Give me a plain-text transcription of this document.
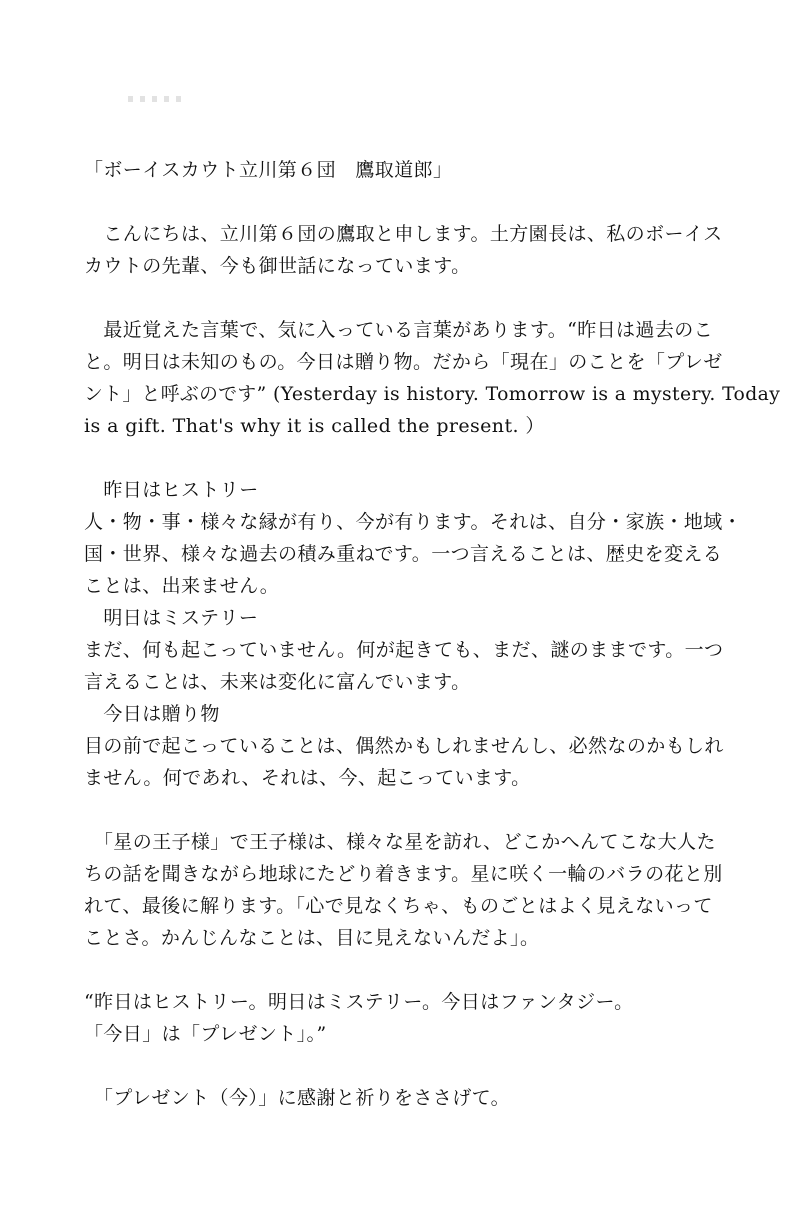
「ボーイスカウト立川第６団　鷹取道郎」
　こんにちは、立川第６団の鷹取と申します。土方園長は、私のボーイス
カウトの先輩、今も御世話になっています。
　最近覚えた言葉で、気に入っている言葉があります。“昨日は過去のこ
と。明日は未知のもの。今日は贈り物。だから「現在」のことを「プレゼ
ント」と呼ぶのです” (Yesterday is history. Tomorrow is a mystery. Today
is a gift. That's why it is called the present. ）
　昨日はヒストリー
人・物・事・様々な縁が有り、今が有ります。それは、自分・家族・地域・
国・世界、様々な過去の積み重ねです。一つ言えることは、歴史を変える
ことは、出来ません。
　明日はミステリー
まだ、何も起こっていません。何が起きても、まだ、謎のままです。一つ
言えることは、未来は変化に富んでいます。
　今日は贈り物
目の前で起こっていることは、偶然かもしれませんし、必然なのかもしれ
ません。何であれ、それは、今、起こっています。
　「星の王子様」で王子様は、様々な星を訪れ、どこかへんてこな大人た
ちの話を聞きながら地球にたどり着きます。星に咲く一輪のバラの花と別
れて、最後に解ります。「心で見なくちゃ、ものごとはよく見えないって
ことさ。かんじんなことは、目に見えないんだよ」。
“昨日はヒストリー。明日はミステリー。今日はファンタジー。
「今日」は「プレゼント」。”
　「プレゼント（今）」に感謝と祈りをささげて。
